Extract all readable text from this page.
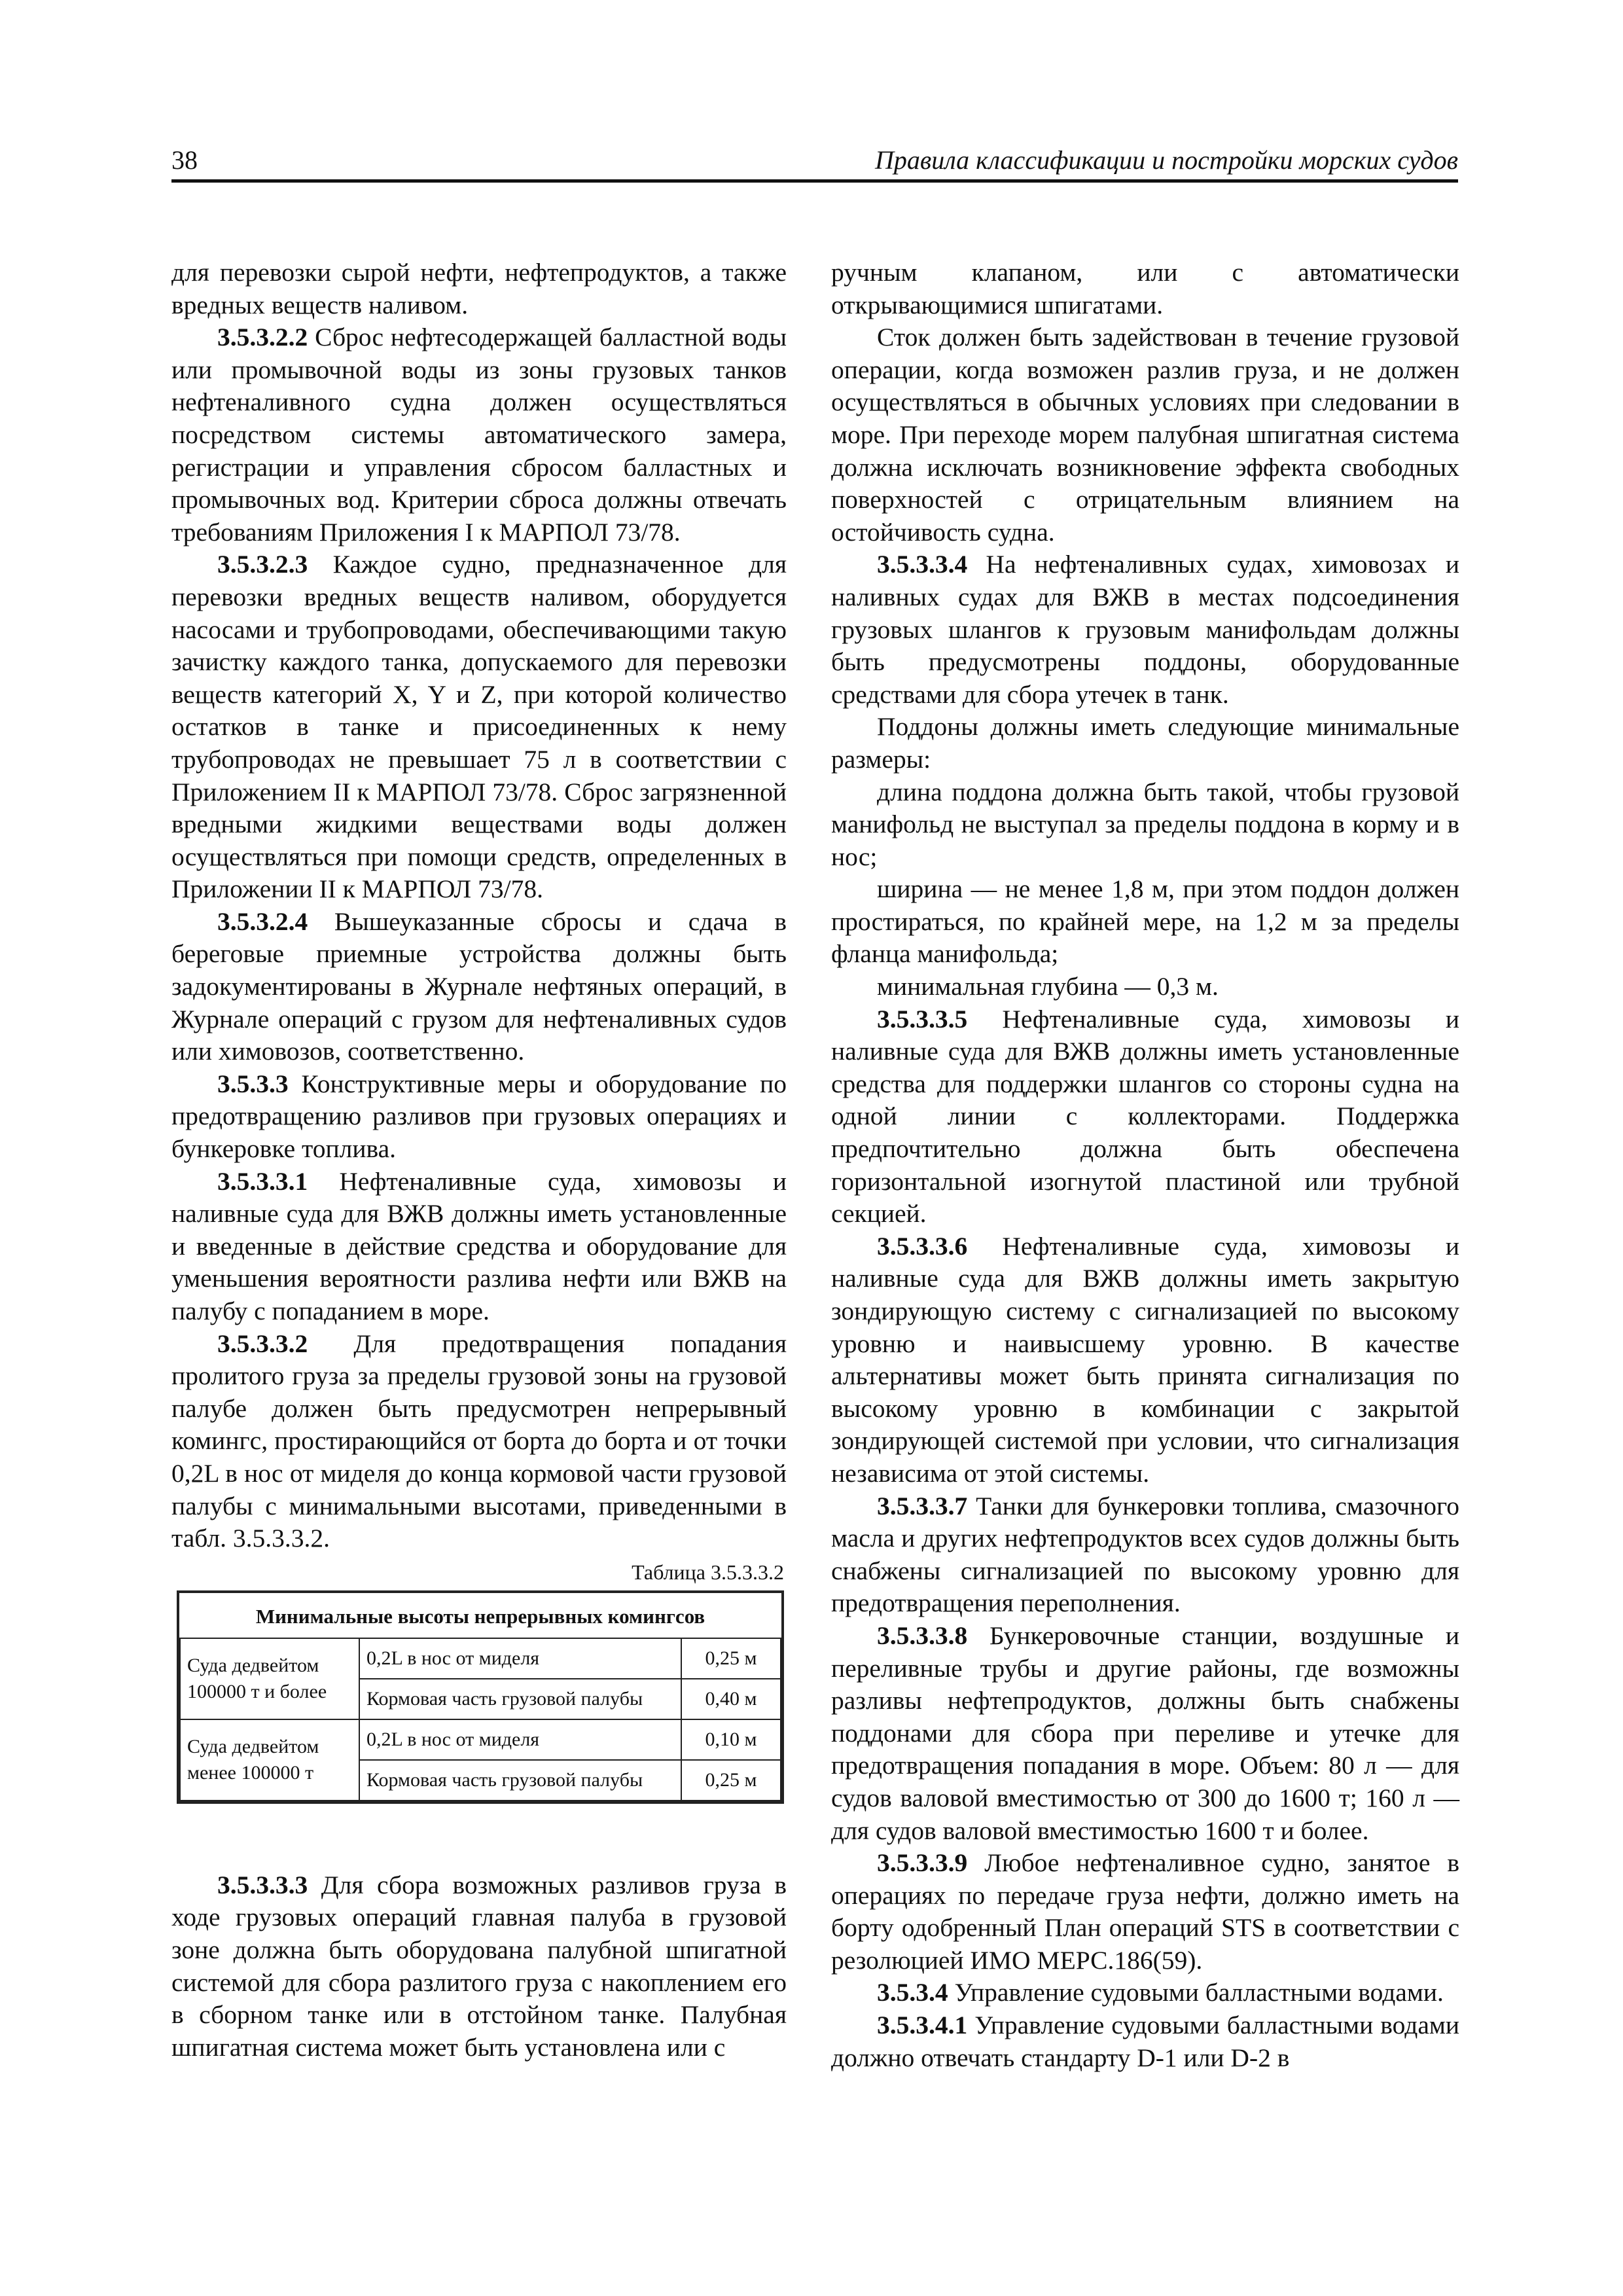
38	Правила классификации и постройки морских судов

для перевозки сырой нефти, нефтепродуктов, а также вредных веществ наливом.

3.5.3.2.2 Сброс нефтесодержащей балластной воды или промывочной воды из зоны грузовых танков нефтеналивного судна должен осуществляться посредством системы автоматического замера, регистрации и управления сбросом балластных и промывочных вод. Критерии сброса должны отвечать требованиям Приложения I к МАРПОЛ 73/78.

3.5.3.2.3 Каждое судно, предназначенное для перевозки вредных веществ наливом, оборудуется насосами и трубопроводами, обеспечивающими такую зачистку каждого танка, допускаемого для перевозки веществ категорий X, Y и Z, при которой количество остатков в танке и присоединенных к нему трубопроводах не превышает 75 л в соответствии с Приложением II к МАРПОЛ 73/78. Сброс загрязненной вредными жидкими веществами воды должен осуществляться при помощи средств, определенных в Приложении II к МАРПОЛ 73/78.

3.5.3.2.4 Вышеуказанные сбросы и сдача в береговые приемные устройства должны быть задокументированы в Журнале нефтяных операций, в Журнале операций с грузом для нефтеналивных судов или химовозов, соответственно.

3.5.3.3 Конструктивные меры и оборудование по предотвращению разливов при грузовых операциях и бункеровке топлива.

3.5.3.3.1 Нефтеналивные суда, химовозы и наливные суда для ВЖВ должны иметь установленные и введенные в действие средства и оборудование для уменьшения вероятности разлива нефти или ВЖВ на палубу с попаданием в море.

3.5.3.3.2 Для предотвращения попадания пролитого груза за пределы грузовой зоны на грузовой палубе должен быть предусмотрен непрерывный комингс, простирающийся от борта до борта и от точки 0,2L в нос от миделя до конца кормовой части грузовой палубы с минимальными высотами, приведенными в табл. 3.5.3.3.2.

Таблица 3.5.3.3.2
Минимальные высоты непрерывных комингсов		
Суда дедвейтом 100000 т и более	0,2L в нос от миделя	0,25 м
	Кормовая часть грузовой палубы	0,40 м
Суда дедвейтом менее 100000 т	0,2L в нос от миделя	0,10 м
	Кормовая часть грузовой палубы	0,25 м

3.5.3.3.3 Для сбора возможных разливов груза в ходе грузовых операций главная палуба в грузовой зоне должна быть оборудована палубной шпигатной системой для сбора разлитого груза с накоплением его в сборном танке или в отстойном танке. Палубная шпигатная система может быть установлена или с

ручным клапаном, или с автоматически открывающимися шпигатами.

Сток должен быть задействован в течение грузовой операции, когда возможен разлив груза, и не должен осуществляться в обычных условиях при следовании в море. При переходе морем палубная шпигатная система должна исключать возникновение эффекта свободных поверхностей с отрицательным влиянием на остойчивость судна.

3.5.3.3.4 На нефтеналивных судах, химовозах и наливных судах для ВЖВ в местах подсоединения грузовых шлангов к грузовым манифольдам должны быть предусмотрены поддоны, оборудованные средствами для сбора утечек в танк.

Поддоны должны иметь следующие минимальные размеры:

длина поддона должна быть такой, чтобы грузовой манифольд не выступал за пределы поддона в корму и в нос;

ширина — не менее 1,8 м, при этом поддон должен простираться, по крайней мере, на 1,2 м за пределы фланца манифольда;

минимальная глубина — 0,3 м.

3.5.3.3.5 Нефтеналивные суда, химовозы и наливные суда для ВЖВ должны иметь установленные средства для поддержки шлангов со стороны судна на одной линии с коллекторами. Поддержка предпочтительно должна быть обеспечена горизонтальной изогнутой пластиной или трубной секцией.

3.5.3.3.6 Нефтеналивные суда, химовозы и наливные суда для ВЖВ должны иметь закрытую зондирующую систему с сигнализацией по высокому уровню и наивысшему уровню. В качестве альтернативы может быть принята сигнализация по высокому уровню в комбинации с закрытой зондирующей системой при условии, что сигнализация независима от этой системы.

3.5.3.3.7 Танки для бункеровки топлива, смазочного масла и других нефтепродуктов всех судов должны быть снабжены сигнализацией по высокому уровню для предотвращения переполнения.

3.5.3.3.8 Бункеровочные станции, воздушные и переливные трубы и другие районы, где возможны разливы нефтепродуктов, должны быть снабжены поддонами для сбора при переливе и утечке для предотвращения попадания в море. Объем: 80 л — для судов валовой вместимостью от 300 до 1600 т; 160 л — для судов валовой вместимостью 1600 т и более.

3.5.3.3.9 Любое нефтеналивное судно, занятое в операциях по передаче груза нефти, должно иметь на борту одобренный План операций STS в соответствии с резолюцией ИМО МЕРС.186(59).

3.5.3.4 Управление судовыми балластными водами.

3.5.3.4.1 Управление судовыми балластными водами должно отвечать стандарту D-1 или D-2 в
